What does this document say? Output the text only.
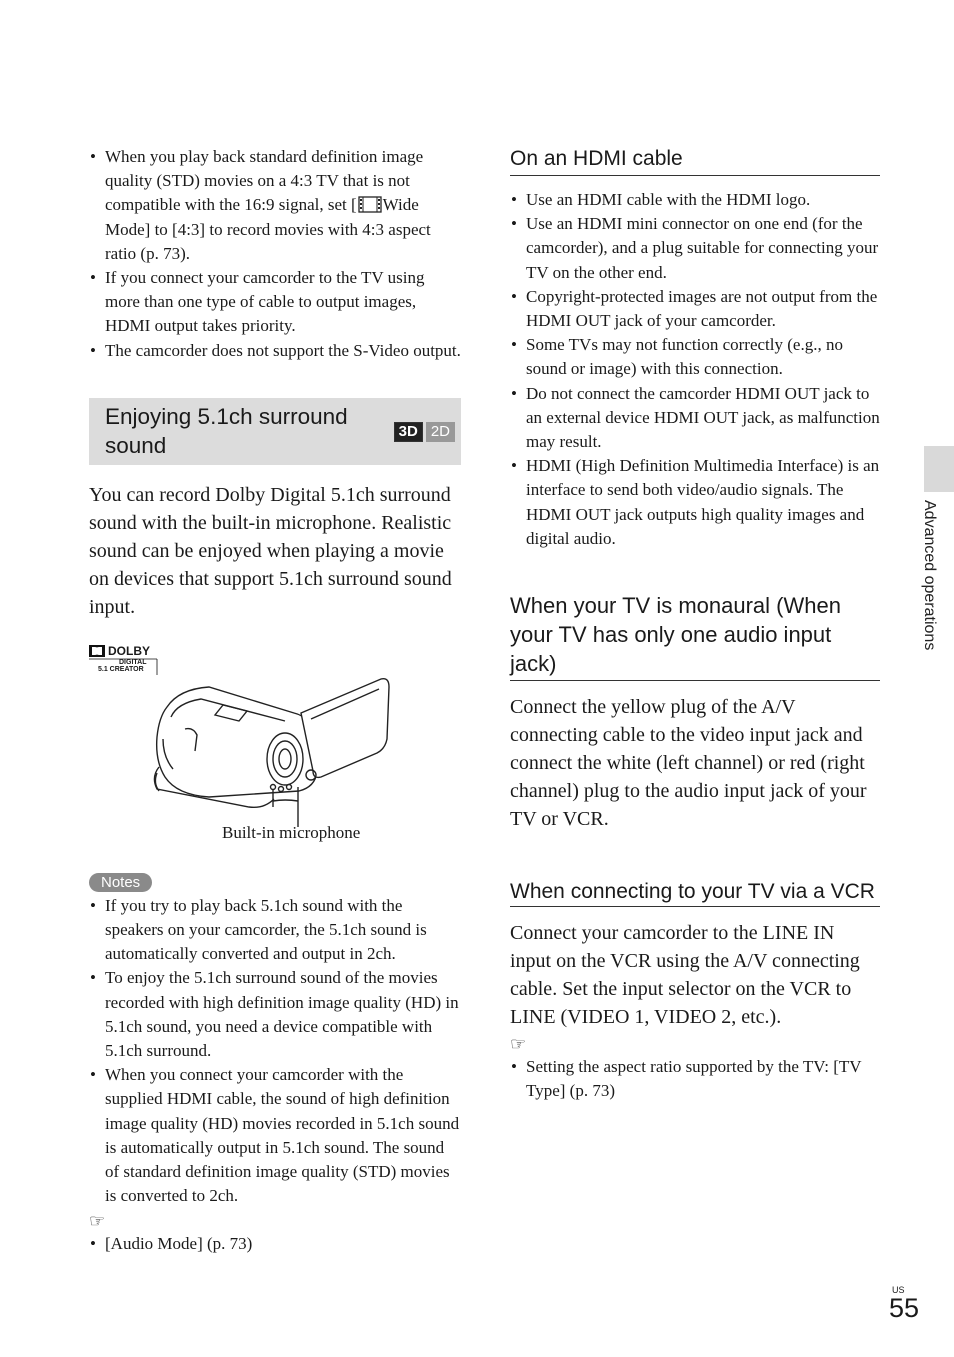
• When you play back standard definition image quality (STD) movies on a 4:3 TV that is not compatible with the 16:9 signal, set [ Wide Mode] to [4:3] to record movies with 4:3 aspect ratio (p. 73).
• If you connect your camcorder to the TV using more than one type of cable to output images, HDMI output takes priority.
• The camcorder does not support the S-Video output.
Enjoying 5.1ch surround sound
3D 2D

You can record Dolby Digital 5.1ch surround sound with the built-in microphone. Realistic sound can be enjoyed when playing a movie on devices that support 5.1ch surround sound input.

DOLBY
DIGITAL
5.1 CREATOR
Built-in microphone
Notes
• If you try to play back 5.1ch sound with the speakers on your camcorder, the 5.1ch sound is automatically converted and output in 2ch.
• To enjoy the 5.1ch surround sound of the movies recorded with high definition image quality (HD) in 5.1ch sound, you need a device compatible with 5.1ch surround.
• When you connect your camcorder with the supplied HDMI cable, the sound of high definition image quality (HD) movies recorded in 5.1ch sound is automatically output in 5.1ch sound. The sound of standard definition image quality (STD) movies is converted to 2ch.
☞
• [Audio Mode] (p. 73)
On an HDMI cable
• Use an HDMI cable with the HDMI logo.
• Use an HDMI mini connector on one end (for the camcorder), and a plug suitable for connecting your TV on the other end.
• Copyright-protected images are not output from the HDMI OUT jack of your camcorder.
• Some TVs may not function correctly (e.g., no sound or image) with this connection.
• Do not connect the camcorder HDMI OUT jack to an external device HDMI OUT jack, as malfunction may result.
• HDMI (High Definition Multimedia Interface) is an interface to send both video/audio signals. The HDMI OUT jack outputs high quality images and digital audio.
When your TV is monaural (When your TV has only one audio input jack)

Connect the yellow plug of the A/V connecting cable to the video input jack and connect the white (left channel) or red (right channel) plug to the audio input jack of your TV or VCR.

When connecting to your TV via a VCR

Connect your camcorder to the LINE IN input on the VCR using the A/V connecting cable. Set the input selector on the VCR to LINE (VIDEO 1, VIDEO 2, etc.).

☞
• Setting the aspect ratio supported by the TV: [TV Type] (p. 73)
Advanced operations
US
55
